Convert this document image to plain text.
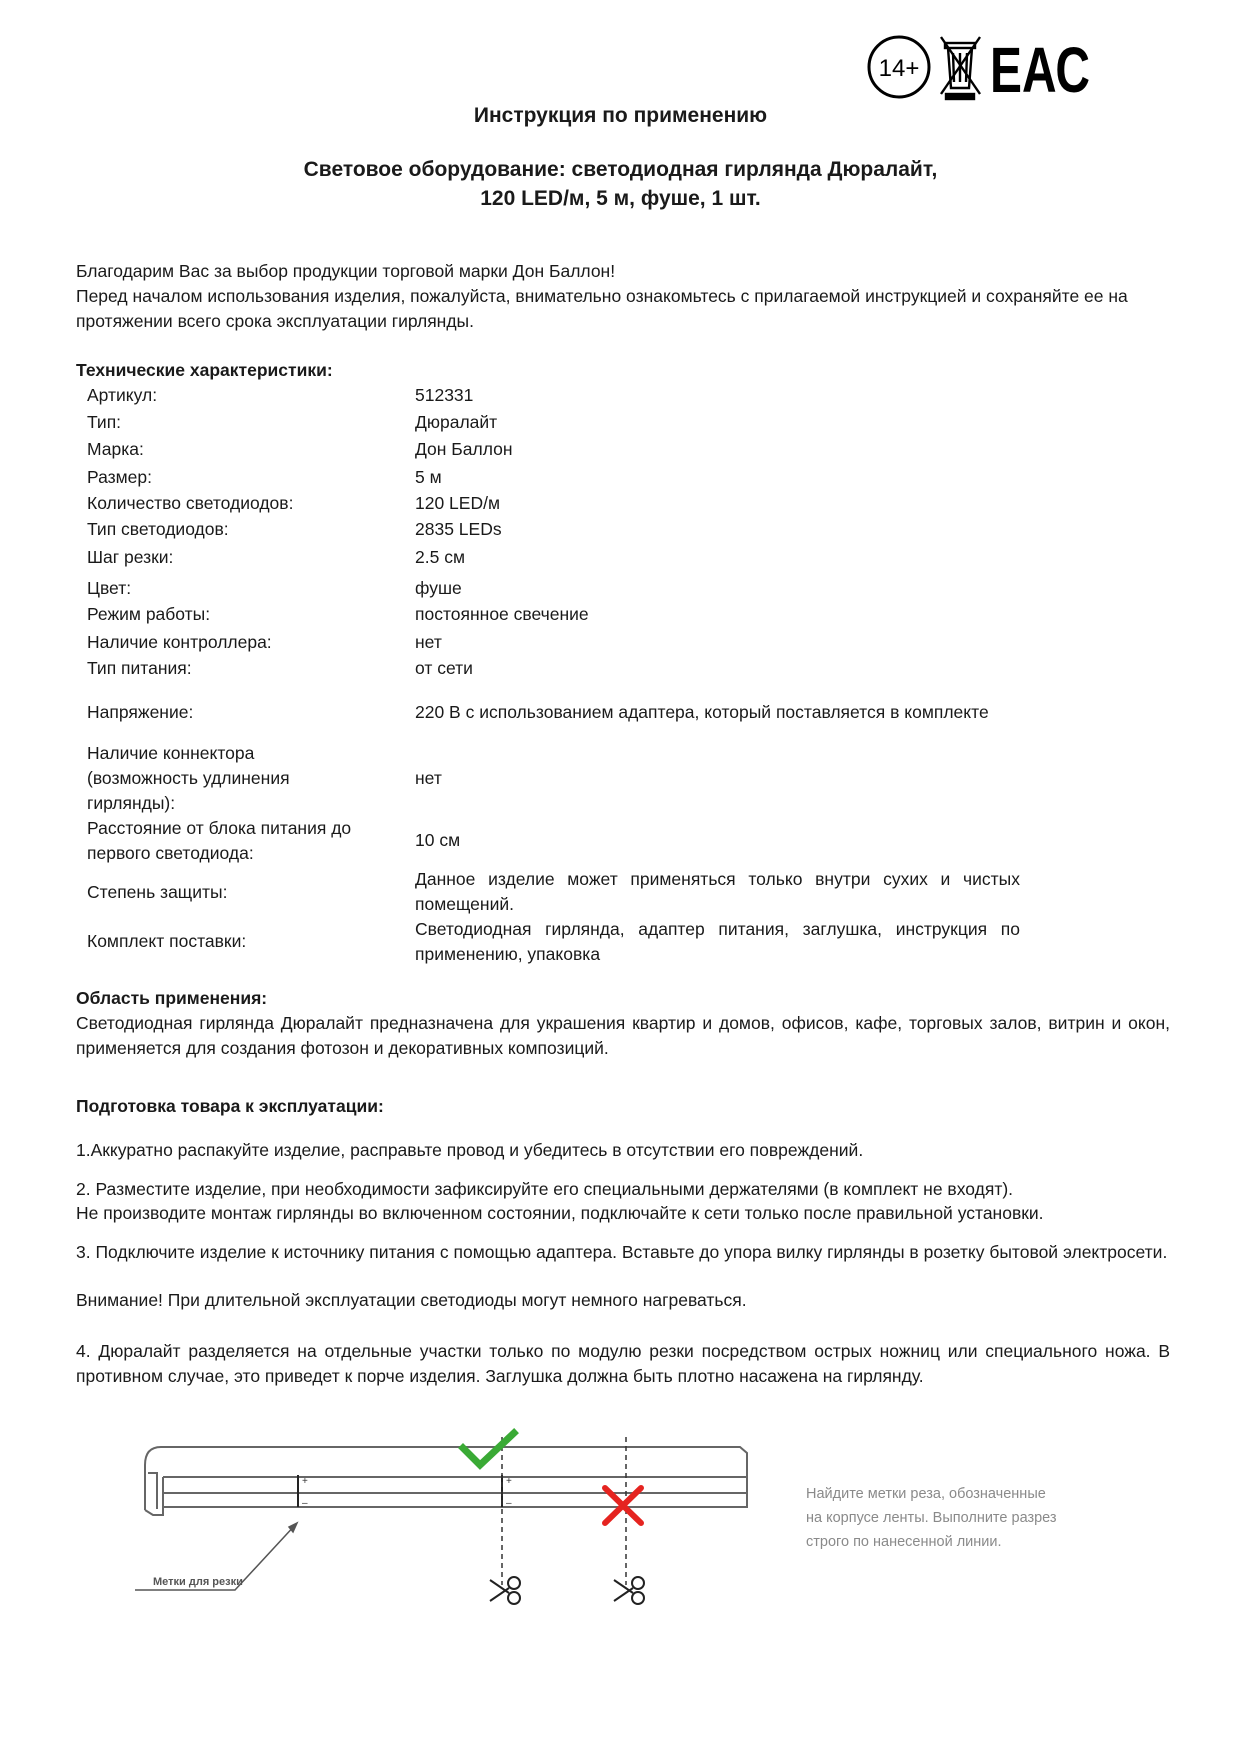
14+ ЕАС
Инструкция по применению
Световое оборудование: светодиодная гирлянда Дюралайт,
120 LED/м, 5 м, фуше, 1 шт.
Благодарим Вас за выбор продукции торговой марки Дон Баллон!
Перед началом использования изделия, пожалуйста, внимательно ознакомьтесь с прилагаемой инструкцией и сохраняйте ее на протяжении всего срока эксплуатации гирлянды.
Технические характеристики:
Артикул:	512331
Тип:	Дюралайт
Марка:	Дон Баллон
Размер:	5 м
Количество светодиодов:	120 LED/м
Тип светодиодов:	2835 LEDs
Шаг резки:	2.5 см
Цвет:	фуше
Режим работы:	постоянное свечение
Наличие контроллера:	нет
Тип питания:	от сети
Напряжение:	220 В с использованием адаптера, который поставляется в комплекте
Наличие коннектора (возможность удлинения гирлянды):
нет
Расстояние от блока питания до первого светодиода:
10 см
Степень защиты:
Данное изделие может применяться только внутри сухих и чистых помещений.
Комплект поставки:
Светодиодная гирлянда, адаптер питания, заглушка, инструкция по применению, упаковка
Область применения:
Светодиодная гирлянда Дюралайт предназначена для украшения квартир и домов, офисов, кафе, торговых залов, витрин и окон, применяется для создания фотозон и декоративных композиций.
Подготовка товара к эксплуатации:
1.Аккуратно распакуйте изделие, расправьте провод и убедитесь в отсутствии его повреждений.
2. Разместите изделие, при необходимости зафиксируйте его специальными держателями (в комплект не входят).
Не производите монтаж гирлянды во включенном состоянии, подключайте к сети только после правильной установки.
3. Подключите изделие к источнику питания с помощью адаптера. Вставьте до упора вилку гирлянды в розетку бытовой электросети.
Внимание! При длительной эксплуатации светодиоды могут немного нагреваться.
4. Дюралайт разделяется на отдельные участки только по модулю резки посредством острых ножниц или специального ножа. В противном случае, это приведет к порче изделия. Заглушка должна быть плотно насажена на гирлянду.
+
–
+
–
Метки для резки
Найдите метки реза, обозначенные
на корпусе ленты. Выполните разрез
строго по нанесенной линии.
